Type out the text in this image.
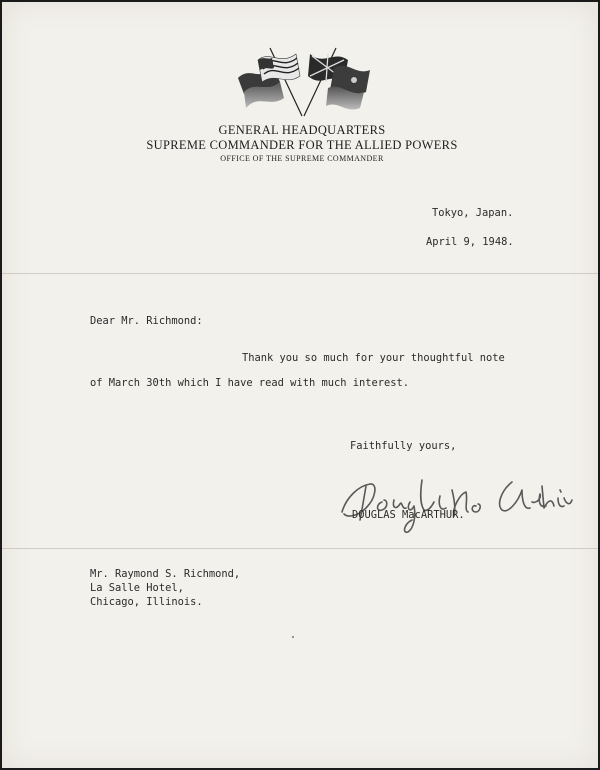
GENERAL HEADQUARTERS
SUPREME COMMANDER FOR THE ALLIED POWERS
OFFICE OF THE SUPREME COMMANDER
Tokyo, Japan.
April 9, 1948.
Dear Mr. Richmond:
Thank you so much for your thoughtful note
of March 30th which I have read with much interest.
Faithfully yours,
DOUGLAS MacARTHUR.
Mr. Raymond S. Richmond,
La Salle Hotel,
Chicago, Illinois.
